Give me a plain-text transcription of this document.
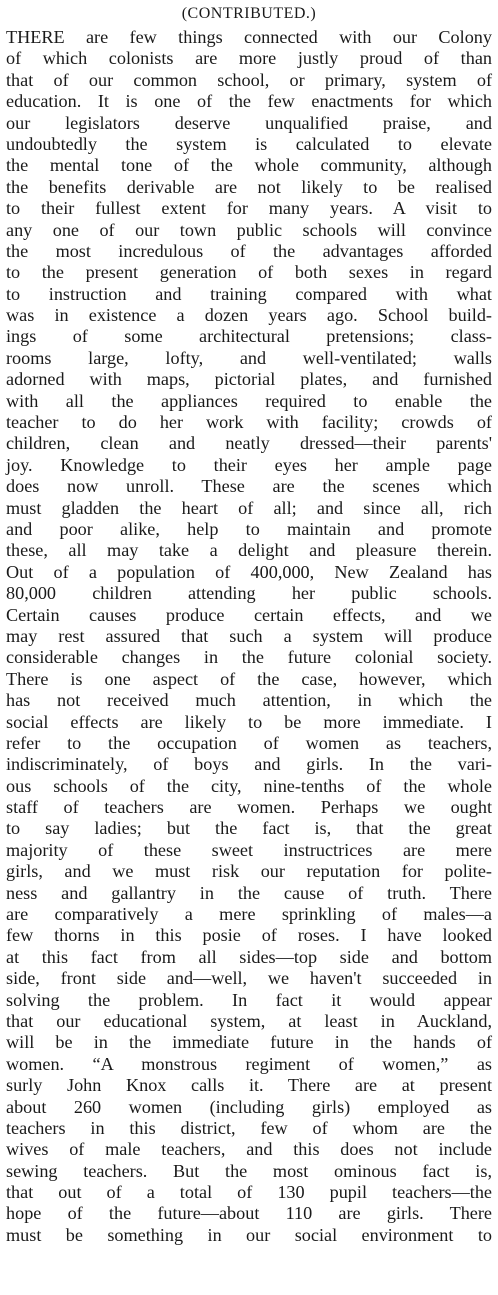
(CONTRIBUTED.)
THERE are few things connected with our Colony
of which colonists are more justly proud of than
that of our common school, or primary, system of
education. It is one of the few enactments for which
our legislators deserve unqualified praise, and
undoubtedly the system is calculated to elevate
the mental tone of the whole community, although
the benefits derivable are not likely to be realised
to their fullest extent for many years. A visit to
any one of our town public schools will convince
the most incredulous of the advantages afforded
to the present generation of both sexes in regard
to instruction and training compared with what
was in existence a dozen years ago. School build-
ings of some architectural pretensions; class-
rooms large, lofty, and well-ventilated; walls
adorned with maps, pictorial plates, and furnished
with all the appliances required to enable the
teacher to do her work with facility; crowds of
children, clean and neatly dressed—their parents'
joy. Knowledge to their eyes her ample page
does now unroll. These are the scenes which
must gladden the heart of all; and since all, rich
and poor alike, help to maintain and promote
these, all may take a delight and pleasure therein.
Out of a population of 400,000, New Zealand has
80,000 children attending her public schools.
Certain causes produce certain effects, and we
may rest assured that such a system will produce
considerable changes in the future colonial society.
There is one aspect of the case, however, which
has not received much attention, in which the
social effects are likely to be more immediate. I
refer to the occupation of women as teachers,
indiscriminately, of boys and girls. In the vari-
ous schools of the city, nine-tenths of the whole
staff of teachers are women. Perhaps we ought
to say ladies; but the fact is, that the great
majority of these sweet instructrices are mere
girls, and we must risk our reputation for polite-
ness and gallantry in the cause of truth. There
are comparatively a mere sprinkling of males—a
few thorns in this posie of roses. I have looked
at this fact from all sides—top side and bottom
side, front side and—well, we haven't succeeded in
solving the problem. In fact it would appear
that our educational system, at least in Auckland,
will be in the immediate future in the hands of
women. “A monstrous regiment of women,” as
surly John Knox calls it. There are at present
about 260 women (including girls) employed as
teachers in this district, few of whom are the
wives of male teachers, and this does not include
sewing teachers. But the most ominous fact is,
that out of a total of 130 pupil teachers—the
hope of the future—about 110 are girls. There
must be something in our social environment to
